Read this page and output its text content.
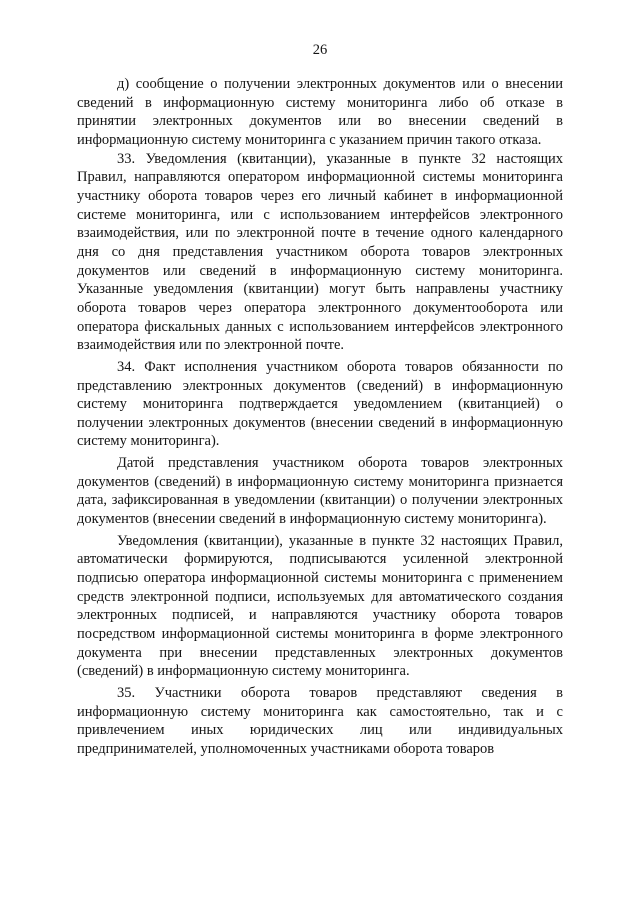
26

д) сообщение о получении электронных документов или о внесении сведений в информационную систему мониторинга либо об отказе в принятии электронных документов или во внесении сведений в информационную систему мониторинга с указанием причин такого отказа.

33. Уведомления (квитанции), указанные в пункте 32 настоящих Правил, направляются оператором информационной системы мониторинга участнику оборота товаров через его личный кабинет в информационной системе мониторинга, или с использованием интерфейсов электронного взаимодействия, или по электронной почте в течение одного календарного дня со дня представления участником оборота товаров электронных документов или сведений в информационную систему мониторинга. Указанные уведомления (квитанции) могут быть направлены участнику оборота товаров через оператора электронного документооборота или оператора фискальных данных с использованием интерфейсов электронного взаимодействия или по электронной почте.

34. Факт исполнения участником оборота товаров обязанности по представлению электронных документов (сведений) в информационную систему мониторинга подтверждается уведомлением (квитанцией) о получении электронных документов (внесении сведений в информационную систему мониторинга).

Датой представления участником оборота товаров электронных документов (сведений) в информационную систему мониторинга признается дата, зафиксированная в уведомлении (квитанции) о получении электронных документов (внесении сведений в информационную систему мониторинга).

Уведомления (квитанции), указанные в пункте 32 настоящих Правил, автоматически формируются, подписываются усиленной электронной подписью оператора информационной системы мониторинга с применением средств электронной подписи, используемых для автоматического создания электронных подписей, и направляются участнику оборота товаров посредством информационной системы мониторинга в форме электронного документа при внесении представленных электронных документов (сведений) в информационную систему мониторинга.

35. Участники оборота товаров представляют сведения в информационную систему мониторинга как самостоятельно, так и с привлечением иных юридических лиц или индивидуальных предпринимателей, уполномоченных участниками оборота товаров
